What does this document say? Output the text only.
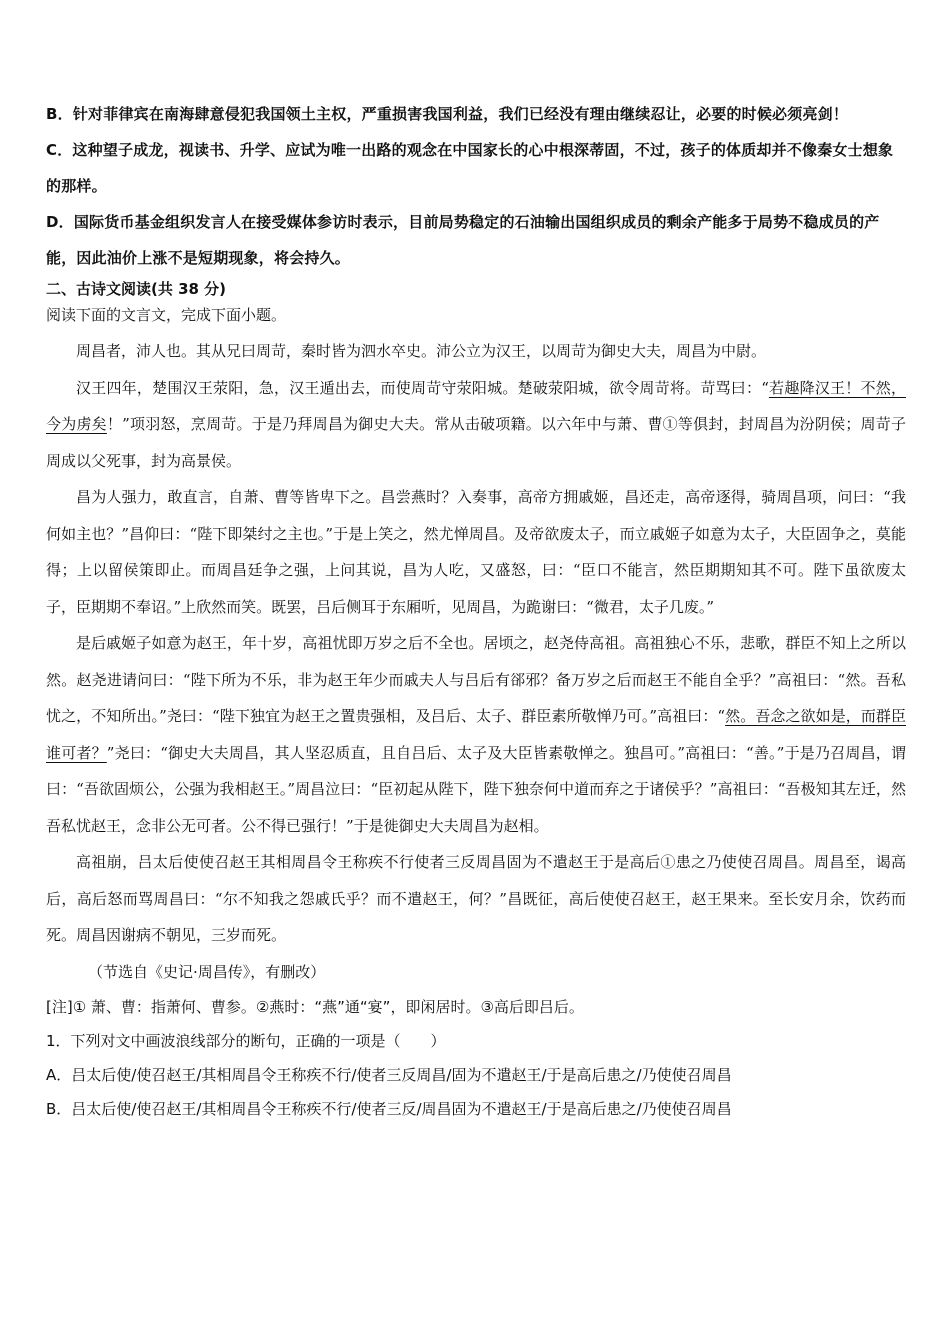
B．针对菲律宾在南海肆意侵犯我国领土主权，严重损害我国利益，我们已经没有理由继续忍让，必要的时候必须亮剑！

C．这种望子成龙，视读书、升学、应试为唯一出路的观念在中国家长的心中根深蒂固，不过，孩子的体质却并不像秦女士想象的那样。

D．国际货币基金组织发言人在接受媒体参访时表示，目前局势稳定的石油输出国组织成员的剩余产能多于局势不稳成员的产能，因此油价上涨不是短期现象，将会持久。

二、古诗文阅读(共 38 分)

阅读下面的文言文，完成下面小题。

周昌者，沛人也。其从兄曰周苛，秦时皆为泗水卒史。沛公立为汉王，以周苛为御史大夫，周昌为中尉。

汉王四年，楚围汉王荥阳，急，汉王遁出去，而使周苛守荥阳城。楚破荥阳城，欲令周苛将。苛骂曰：“若趣降汉王！不然，今为虏矣！”项羽怒，烹周苛。于是乃拜周昌为御史大夫。常从击破项籍。以六年中与萧、曹①等俱封，封周昌为汾阴侯；周苛子周成以父死事，封为高景侯。

昌为人强力，敢直言，自萧、曹等皆卑下之。昌尝燕时？入奏事，高帝方拥戚姬，昌还走，高帝逐得，骑周昌项，问曰：“我何如主也？”昌仰曰：“陛下即桀纣之主也。”于是上笑之，然尤惮周昌。及帝欲废太子，而立戚姬子如意为太子，大臣固争之，莫能得；上以留侯策即止。而周昌廷争之强，上问其说，昌为人吃，又盛怒，曰：“臣口不能言，然臣期期知其不可。陛下虽欲废太子，臣期期不奉诏。”上欣然而笑。既罢，吕后侧耳于东厢听，见周昌，为跪谢曰：“微君，太子几废。”

是后戚姬子如意为赵王，年十岁，高祖忧即万岁之后不全也。居顷之，赵尧侍高祖。高祖独心不乐，悲歌，群臣不知上之所以然。赵尧进请问曰：“陛下所为不乐，非为赵王年少而戚夫人与吕后有郤邪？备万岁之后而赵王不能自全乎？”高祖曰：“然。吾私忧之，不知所出。”尧曰：“陛下独宜为赵王之置贵强相，及吕后、太子、群臣素所敬惮乃可。”高祖曰：“然。吾念之欲如是，而群臣谁可者？”尧曰：“御史大夫周昌，其人坚忍质直，且自吕后、太子及大臣皆素敬惮之。独昌可。”高祖曰：“善。”于是乃召周昌，谓曰：“吾欲固烦公，公强为我相赵王。”周昌泣曰：“臣初起从陛下，陛下独奈何中道而弃之于诸侯乎？”高祖曰：“吾极知其左迁，然吾私忧赵王，念非公无可者。公不得已强行！”于是徙御史大夫周昌为赵相。

高祖崩，吕太后使使召赵王其相周昌令王称疾不行使者三反周昌固为不遣赵王于是高后①患之乃使使召周昌。周昌至，谒高后，高后怒而骂周昌曰：“尔不知我之怨戚氏乎？而不遣赵王，何？”昌既征，高后使使召赵王，赵王果来。至长安月余，饮药而死。周昌因谢病不朝见，三岁而死。

（节选自《史记·周昌传》，有删改）

[注]① 萧、曹：指萧何、曹参。②燕时：“燕”通“宴”，即闲居时。③高后即吕后。

1．下列对文中画波浪线部分的断句，正确的一项是（　　）

A．吕太后使/使召赵王/其相周昌令王称疾不行/使者三反周昌/固为不遣赵王/于是高后患之/乃使使召周昌

B．吕太后使/使召赵王/其相周昌令王称疾不行/使者三反/周昌固为不遣赵王/于是高后患之/乃使使召周昌
